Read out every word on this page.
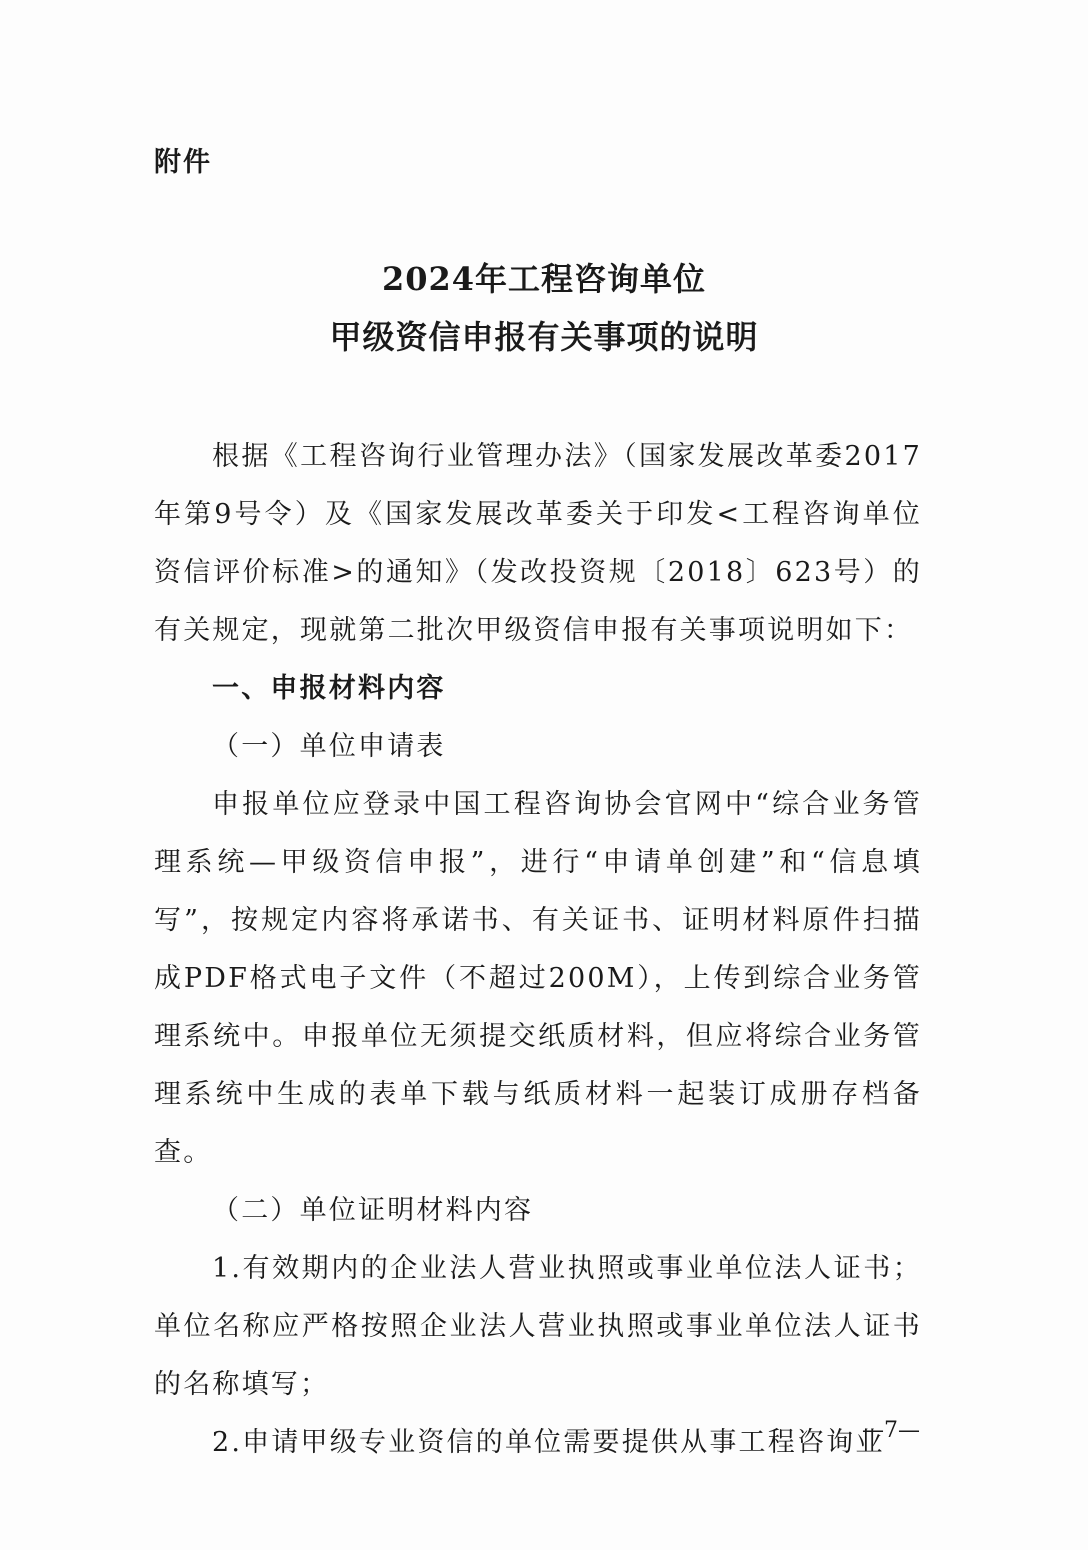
附件
2024年工程咨询单位
甲级资信申报有关事项的说明

根据《工程咨询行业管理办法》（国家发展改革委2017年第9号令）及《国家发展改革委关于印发<工程咨询单位资信评价标准>的通知》（发改投资规〔2018〕623号）的有关规定，现就第二批次甲级资信申报有关事项说明如下：

一、申报材料内容

（一）单位申请表

申报单位应登录中国工程咨询协会官网中“综合业务管理系统—甲级资信申报”，进行“申请单创建”和“信息填写”，按规定内容将承诺书、有关证书、证明材料原件扫描成PDF格式电子文件（不超过200M），上传到综合业务管理系统中。申报单位无须提交纸质材料，但应将综合业务管理系统中生成的表单下载与纸质材料一起装订成册存档备查。

（二）单位证明材料内容

1.有效期内的企业法人营业执照或事业单位法人证书；单位名称应严格按照企业法人营业执照或事业单位法人证书的名称填写；

2.申请甲级专业资信的单位需要提供从事工程咨询业

—7—
